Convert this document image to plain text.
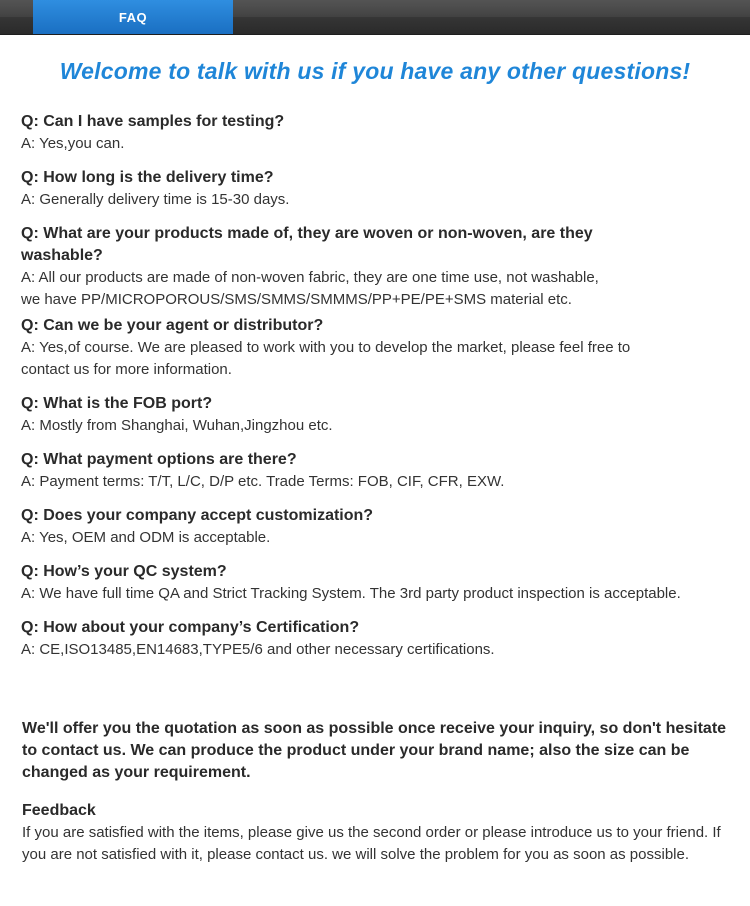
FAQ
Welcome to talk with us if you have any other questions!
Q: Can I have samples for testing?
A: Yes,you can.
Q: How long is the delivery time?
A: Generally delivery time is 15-30 days.
Q: What are your products made of, they are woven or non-woven, are they washable?
A: All our products are made of non-woven fabric, they are one time use, not washable,
we have PP/MICROPOROUS/SMS/SMMS/SMMMS/PP+PE/PE+SMS material etc.
Q: Can we be your agent or distributor?
A: Yes,of course. We are pleased to work with you to develop the market, please feel free to contact us for more information.
Q: What is the FOB port?
A: Mostly from Shanghai, Wuhan,Jingzhou etc.
Q: What payment options are there?
A: Payment terms: T/T, L/C, D/P etc. Trade Terms: FOB, CIF, CFR, EXW.
Q: Does your company accept customization?
A: Yes, OEM and ODM is acceptable.
Q: How’s your QC system?
A: We have full time QA and Strict Tracking System. The 3rd party product inspection is acceptable.
Q: How about your company’s Certification?
A: CE,ISO13485,EN14683,TYPE5/6 and other necessary certifications.
We'll offer you the quotation as soon as possible once receive your inquiry, so don't hesitate to contact us. We can produce the product under your brand name; also the size can be changed as your requirement.
Feedback
If you are satisfied with the items, please give us the second order or please introduce us to your friend. If you are not satisfied with it, please contact us. we will solve the problem for you as soon as possible.
